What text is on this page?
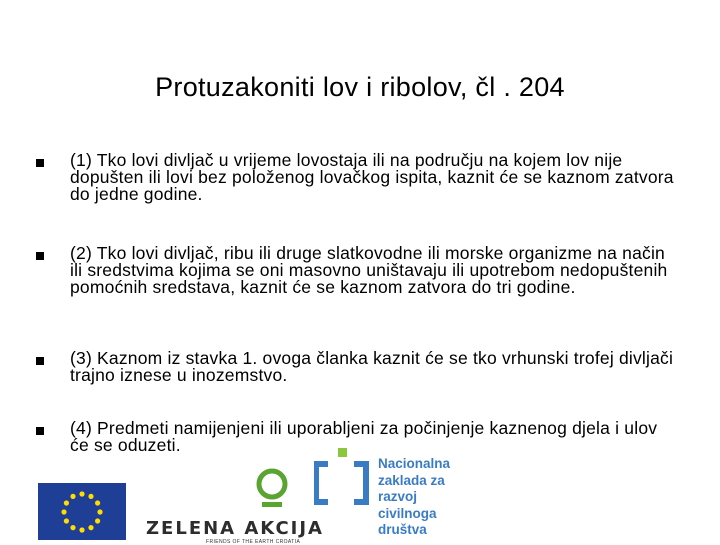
Protuzakoniti lov i ribolov, čl . 204
(1) Tko lovi divljač u vrijeme lovostaja ili na području na kojem lov nije dopušten ili lovi bez položenog lovačkog ispita, kaznit će se kaznom zatvora do jedne godine.
(2) Tko lovi divljač, ribu ili druge slatkovodne ili morske organizme na način ili sredstvima kojima se oni masovno uništavaju ili upotrebom nedopuštenih pomoćnih sredstava, kaznit će se kaznom zatvora do tri godine.
(3) Kaznom iz stavka 1. ovoga članka kaznit će se tko vrhunski trofej divljači trajno iznese u inozemstvo.
(4) Predmeti namijenjeni ili uporabljeni za počinjenje kaznenog djela i ulov će se oduzeti.
ZELENA AKCIJA
FRIENDS OF THE EARTH CROATIA
Nacionalna
zaklada za
razvoj
civilnoga
društva
